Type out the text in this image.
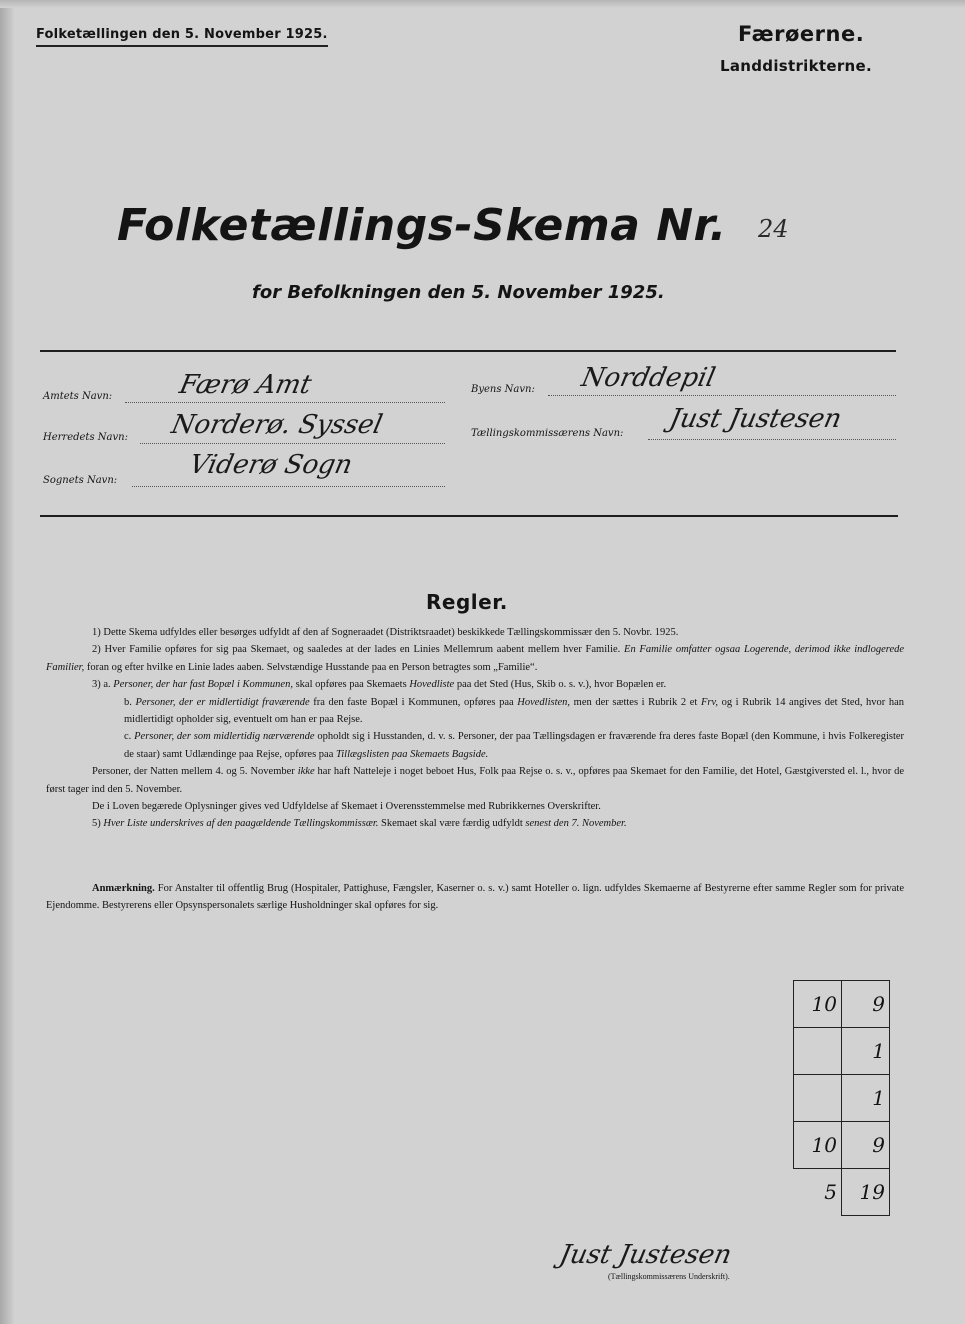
Folketællingen den 5. November 1925.	Færøerne.
Landdistrikterne.
Folketællings-Skema Nr. 24
for Befolkningen den 5. November 1925.
Amtets Navn: Færø Amt
Herredets Navn: Norderø. Syssel
Sognets Navn:
Viderø Sogn
Byens Navn: Norddepil
Tællingskommissærens Navn: Just Justesen
Regler.

1) Dette Skema udfyldes eller besørges udfyldt af den af Sogneraadet (Distriktsraadet) beskikkede Tællingskommissær den 5. Novbr. 1925.

2) Hver Familie opføres for sig paa Skemaet, og saaledes at der lades en Linies Mellemrum aabent mellem hver Familie. En Familie omfatter ogsaa Logerende, derimod ikke indlogerede Familier, foran og efter hvilke en Linie lades aaben. Selvstændige Husstande paa en Person betragtes som „Familie“.

3) a. Personer, der har fast Bopæl i Kommunen, skal opføres paa Skemaets Hovedliste paa det Sted (Hus, Skib o. s. v.), hvor Bopælen er.

b. Personer, der er midlertidigt fraværende fra den faste Bopæl i Kommunen, opføres paa Hovedlisten, men der sættes i Rubrik 2 et Frv, og i Rubrik 14 angives det Sted, hvor han midlertidigt opholder sig, eventuelt om han er paa Rejse.

c. Personer, der som midlertidig nærværende opholdt sig i Husstanden, d. v. s. Personer, der paa Tællingsdagen er fraværende fra deres faste Bopæl (den Kommune, i hvis Folkeregister de staar) samt Udlændinge paa Rejse, opføres paa Tillægslisten paa Skemaets Bagside.

Personer, der Natten mellem 4. og 5. November ikke har haft Natteleje i noget beboet Hus, Folk paa Rejse o. s. v., opføres paa Skemaet for den Familie, det Hotel, Gæstgiversted el. l., hvor de først tager ind den 5. November.

De i Loven begærede Oplysninger gives ved Udfyldelse af Skemaet i Overensstemmelse med Rubrikkernes Overskrifter.

5) Hver Liste underskrives af den paagældende Tællingskommissær. Skemaet skal være færdig udfyldt senest den 7. November.

Anmærkning. For Anstalter til offentlig Brug (Hospitaler, Pattighuse, Fængsler, Kaserner o. s. v.) samt Hoteller o. lign. udfyldes Skemaerne af Bestyrerne efter samme Regler som for private Ejendomme. Bestyrerens eller Opsynspersonalets særlige Husholdninger skal opføres for sig.
10	9
	1
	1
10	9
5	19
Just Justesen
(Tællingskommissærens Underskrift).
